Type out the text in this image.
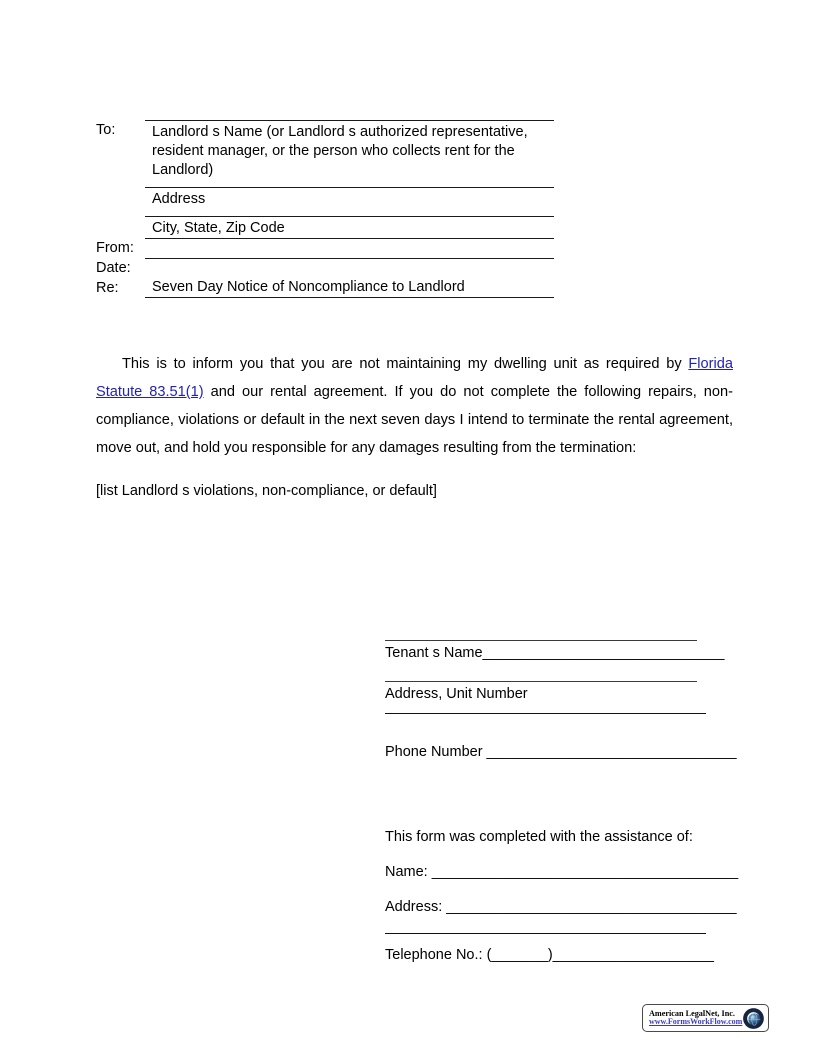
To:	Landlord s Name (or Landlord s authorized representative,
resident manager, or the person who collects rent for the
Landlord)
Address
City, State, Zip Code
From:
Date:
Re:	Seven Day Notice of Noncompliance to Landlord

This is to inform you that you are not maintaining my dwelling unit as required by Florida Statute 83.51(1) and our rental agreement. If you do not complete the following repairs, non-compliance, violations or default in the next seven days I intend to terminate the rental agreement, move out, and hold you responsible for any damages resulting from the termination:

[list Landlord s violations, non-compliance, or default]

Tenant s Name______________________________
Address, Unit Number
Phone Number _______________________________
This form was completed with the assistance of:
Name: ______________________________________
Address: ____________________________________
Telephone No.: (_______)____________________
American LegalNet, Inc.
www.FormsWorkFlow.com
